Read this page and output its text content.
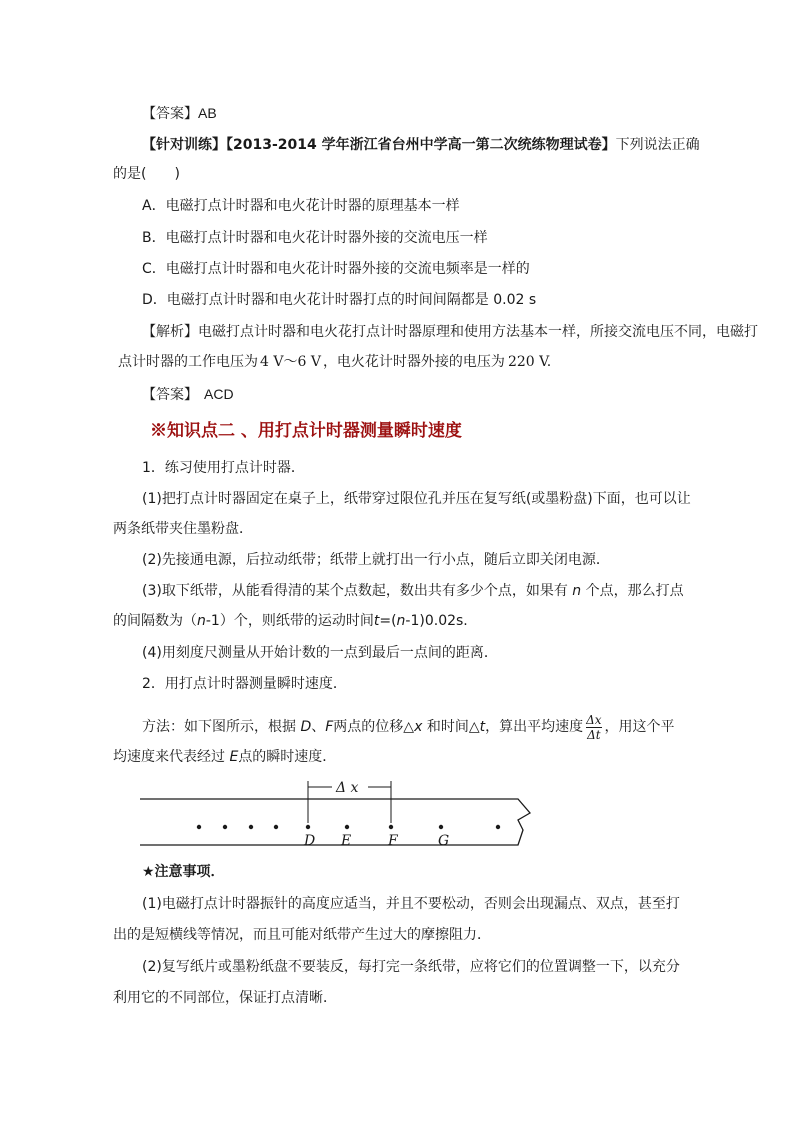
【答案】AB
【针对训练】【2013-2014 学年浙江省台州中学高一第二次统练物理试卷】下列说法正确
的是(　　)
A．电磁打点计时器和电火花计时器的原理基本一样
B．电磁打点计时器和电火花计时器外接的交流电压一样
C．电磁打点计时器和电火花计时器外接的交流电频率是一样的
D．电磁打点计时器和电火花计时器打点的时间间隔都是 0.02 s
【解析】电磁打点计时器和电火花打点计时器原理和使用方法基本一样，所接交流电压不同，电磁打
点计时器的工作电压为 4 V～6 V ，电火花计时器外接的电压为 220 V.
【答案】 ACD
※知识点二 、用打点计时器测量瞬时速度
1．练习使用打点计时器．
(1)把打点计时器固定在桌子上，纸带穿过限位孔并压在复写纸(或墨粉盘)下面，也可以让
两条纸带夹住墨粉盘．
(2)先接通电源，后拉动纸带；纸带上就打出一行小点，随后立即关闭电源．
(3)取下纸带，从能看得清的某个点数起，数出共有多少个点，如果有 n 个点，那么打点
的间隔数为（n-1）个，则纸带的运动时间t=(n-1)0.02s.
(4)用刻度尺测量从开始计数的一点到最后一点间的距离．
2．用打点计时器测量瞬时速度．
方法：如下图所示，根据 D、F两点的位移△x 和时间△t，算出平均速度 $\frac{\Delta x}{\Delta t}$ ，用这个平
均速度来代表经过 E点的瞬时速度．
Δ x
D E	F	G
★注意事项．
(1)电磁打点计时器振针的高度应适当，并且不要松动，否则会出现漏点、双点，甚至打
出的是短横线等情况，而且可能对纸带产生过大的摩擦阻力．
(2)复写纸片或墨粉纸盘不要装反，每打完一条纸带，应将它们的位置调整一下，以充分
利用它的不同部位，保证打点清晰．
